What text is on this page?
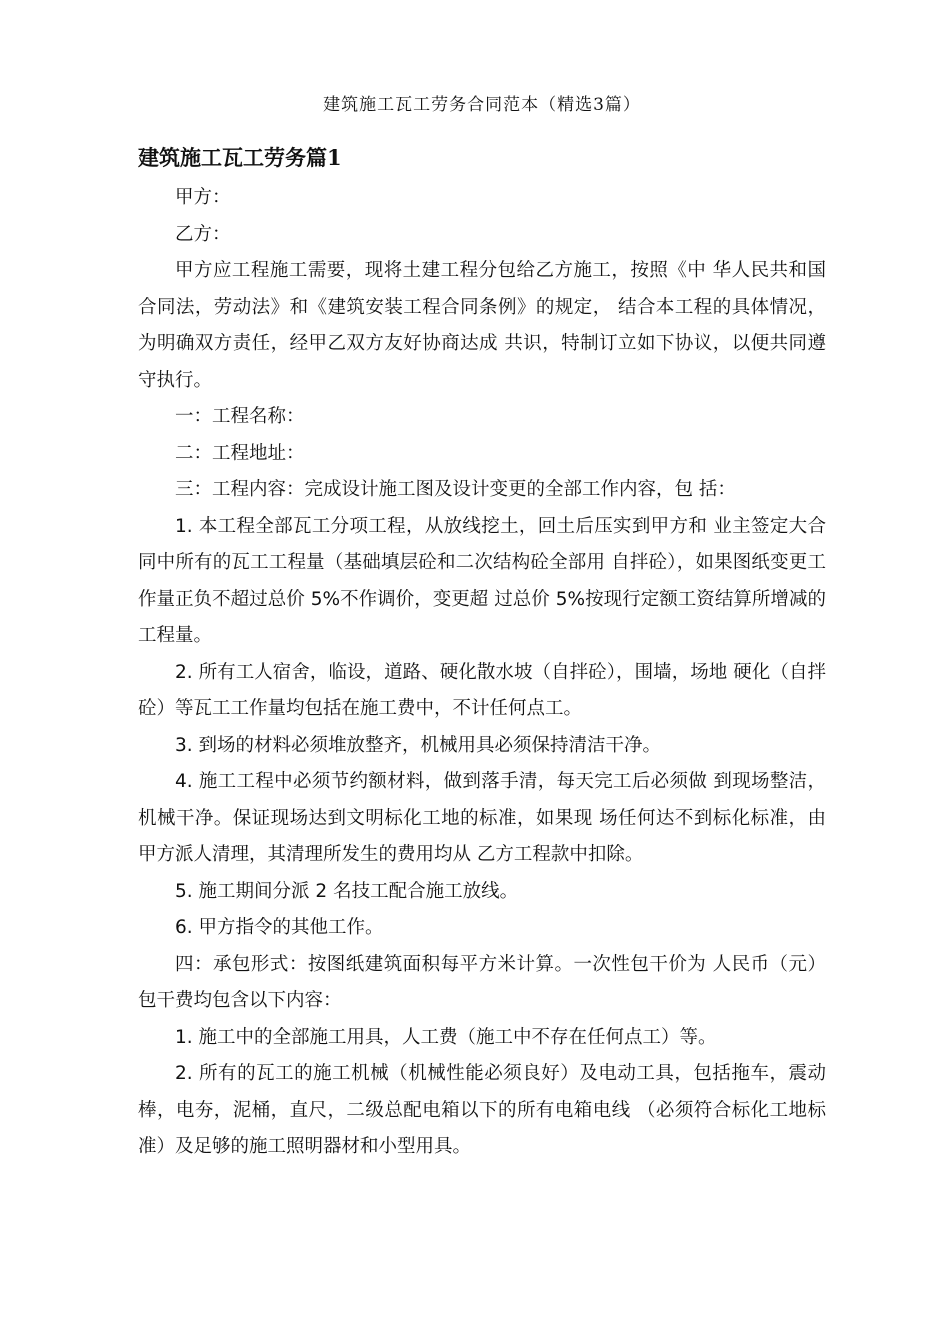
建筑施工瓦工劳务合同范本（精选3篇）
建筑施工瓦工劳务篇1

甲方：

乙方：

甲方应工程施工需要，现将土建工程分包给乙方施工，按照《中 华人民共和国合同法，劳动法》和《建筑安装工程合同条例》的规定， 结合本工程的具体情况，为明确双方责任，经甲乙双方友好协商达成 共识，特制订立如下协议，以便共同遵守执行。

一：工程名称：

二：工程地址：

三：工程内容：完成设计施工图及设计变更的全部工作内容，包 括：

1. 本工程全部瓦工分项工程，从放线挖土，回土后压实到甲方和 业主签定大合同中所有的瓦工工程量（基础填层砼和二次结构砼全部用 自拌砼），如果图纸变更工作量正负不超过总价 5%不作调价，变更超 过总价 5%按现行定额工资结算所增减的工程量。

2. 所有工人宿舍，临设，道路、硬化散水坡（自拌砼），围墙，场地 硬化（自拌砼）等瓦工工作量均包括在施工费中，不计任何点工。

3. 到场的材料必须堆放整齐，机械用具必须保持清洁干净。

4. 施工工程中必须节约额材料，做到落手清，每天完工后必须做 到现场整洁，机械干净。保证现场达到文明标化工地的标准，如果现 场任何达不到标化标准，由甲方派人清理，其清理所发生的费用均从 乙方工程款中扣除。

5. 施工期间分派 2 名技工配合施工放线。

6. 甲方指令的其他工作。

四：承包形式：按图纸建筑面积每平方米计算。一次性包干价为 人民币（元）包干费均包含以下内容：

1. 施工中的全部施工用具，人工费（施工中不存在任何点工）等。

2. 所有的瓦工的施工机械（机械性能必须良好）及电动工具，包括拖车，震动棒，电夯，泥桶，直尺，二级总配电箱以下的所有电箱电线 （必须符合标化工地标准）及足够的施工照明器材和小型用具。
